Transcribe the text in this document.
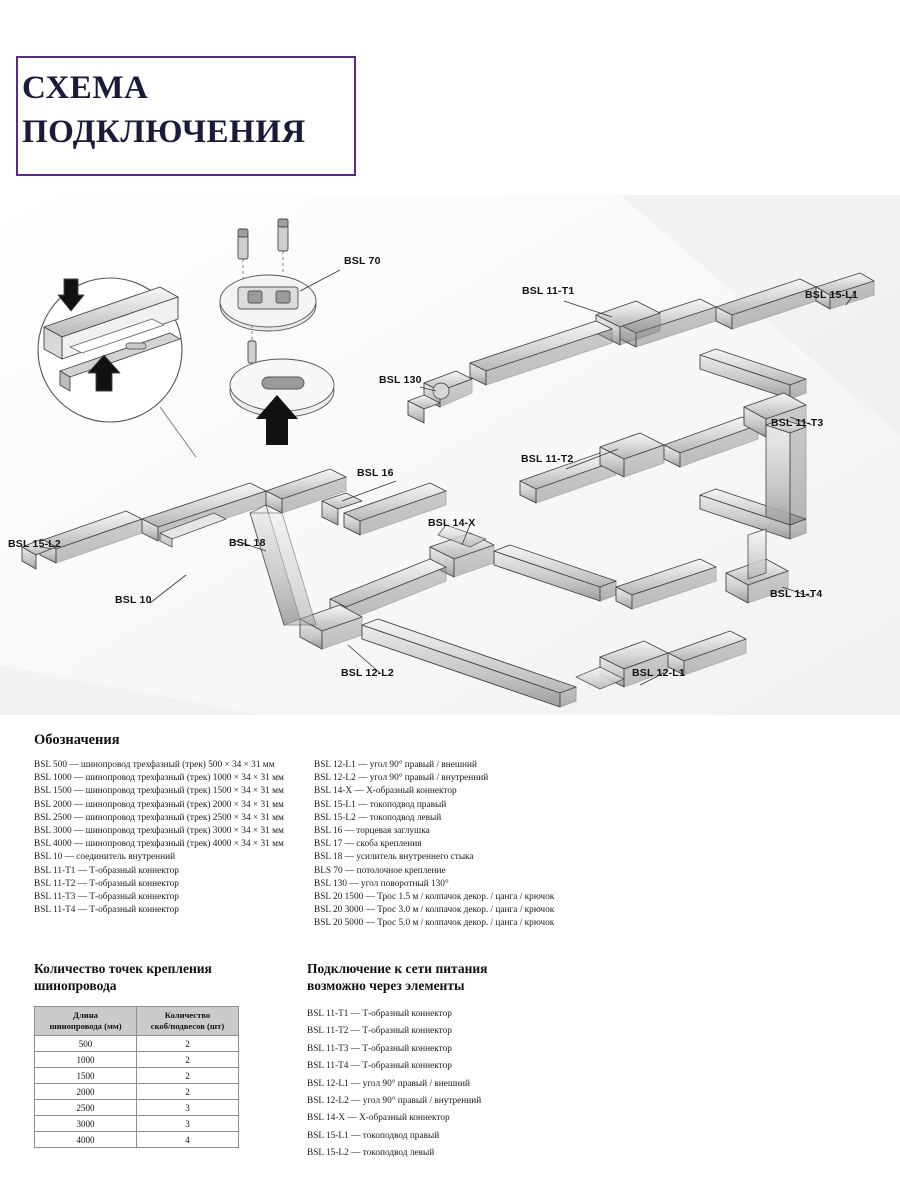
СХЕМА
ПОДКЛЮЧЕНИЯ
BSL 70
BSL 11-T1	BSL 15-L1
BSL 130
BSL 11-T3
BSL 11-T2
BSL 16
BSL 14-X
BSL 15-L2	BSL 18
BSL 11-T4
BSL 10
BSL 12-L2	BSL 12-L1
Обозначения
BSL 500 — шинопровод трехфазный (трек) 500 × 34 × 31 мм
BSL 1000 — шинопровод трехфазный (трек) 1000 × 34 × 31 мм
BSL 1500 — шинопровод трехфазный (трек) 1500 × 34 × 31 мм
BSL 2000 — шинопровод трехфазный (трек) 2000 × 34 × 31 мм
BSL 2500 — шинопровод трехфазный (трек) 2500 × 34 × 31 мм
BSL 3000 — шинопровод трехфазный (трек) 3000 × 34 × 31 мм
BSL 4000 — шинопровод трехфазный (трек) 4000 × 34 × 31 мм
BSL 10 — соединитель внутренний
BSL 11-T1 — Т-образный коннектор
BSL 11-T2 — Т-образный коннектор
BSL 11-T3 — Т-образный коннектор
BSL 11-T4 — Т-образный коннектор
BSL 12-L1 — угол 90° правый / внешний
BSL 12-L2 — угол 90° правый / внутренний
BSL 14-X — X-образный коннектор
BSL 15-L1 — токоподвод правый
BSL 15-L2 — токоподвод левый
BSL 16 — торцевая заглушка
BSL 17 — скоба крепления
BSL 18 — усилитель внутреннего стыка
BLS 70 — потолочное крепление
BSL 130 — угол поворотный 130°
BSL 20 1500 — Трос 1.5 м / колпачок декор. / цанга / крючок
BSL 20 3000 — Трос 3.0 м / колпачок декор. / цанга / крючок
BSL 20 5000 — Трос 5.0 м / колпачок декор. / цанга / крючок
Количество точек крепления
шинопровода
Длина
шинопровода (мм)	Количество
скоб/подвесов (шт)
500	2
1000	2
1500	2
2000	2
2500	3
3000	3
4000	4
Подключение к сети питания
возможно через элементы
BSL 11-T1 — Т-образный коннектор
BSL 11-T2 — Т-образный коннектор
BSL 11-T3 — Т-образный коннектор
BSL 11-T4 — Т-образный коннектор
BSL 12-L1 — угол 90° правый / внешний
BSL 12-L2 — угол 90° правый / внутренний
BSL 14-X — X-образный коннектор
BSL 15-L1 — токоподвод правый
BSL 15-L2 — токоподвод левый
